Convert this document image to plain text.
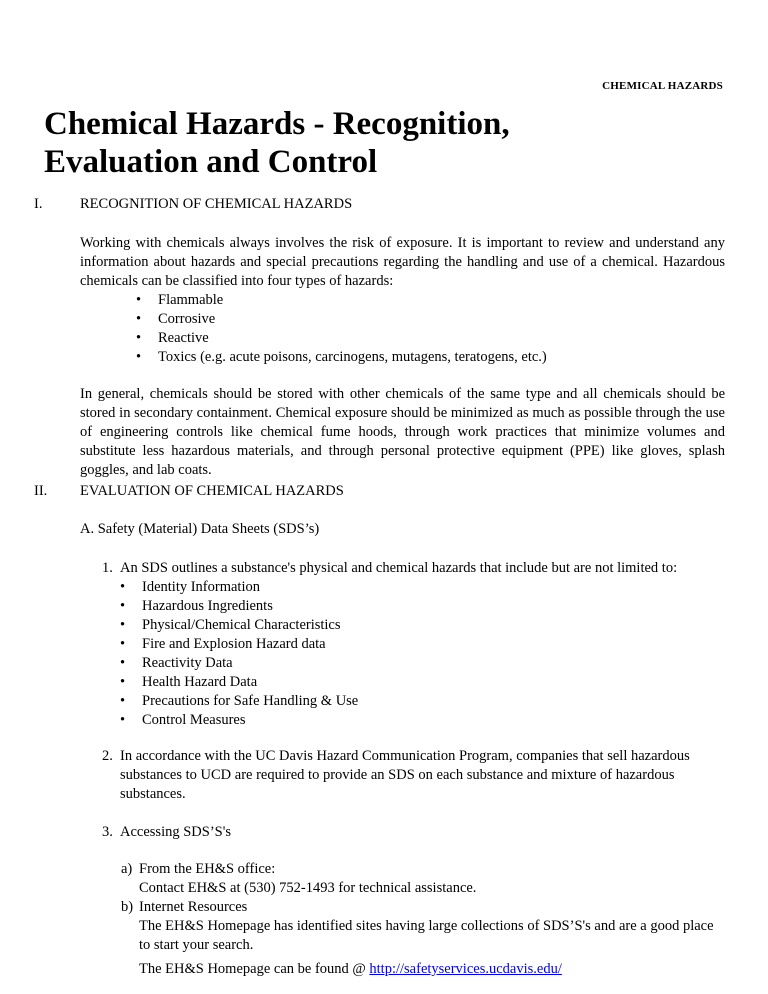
CHEMICAL HAZARDS
Chemical Hazards - Recognition,
Evaluation and Control
I.	RECOGNITION OF CHEMICAL HAZARDS

Working with chemicals always involves the risk of exposure. It is important to review and understand any information about hazards and special precautions regarding the handling and use of a chemical. Hazardous chemicals can be classified into four types of hazards:

• Flammable
• Corrosive
• Reactive
• Toxics (e.g. acute poisons, carcinogens, mutagens, teratogens, etc.)

In general, chemicals should be stored with other chemicals of the same type and all chemicals should be stored in secondary containment. Chemical exposure should be minimized as much as possible through the use of engineering controls like chemical fume hoods, through work practices that minimize volumes and substitute less hazardous materials, and through personal protective equipment (PPE) like gloves, splash goggles, and lab coats.

II. EVALUATION OF CHEMICAL HAZARDS
A. Safety (Material) Data Sheets (SDS’s)
1. An SDS outlines a substance's physical and chemical hazards that include but are not limited to:
• Identity Information
• Hazardous Ingredients
• Physical/Chemical Characteristics
• Fire and Explosion Hazard data
• Reactivity Data
• Health Hazard Data
• Precautions for Safe Handling & Use
• Control Measures
2. In accordance with the UC Davis Hazard Communication Program, companies that sell hazardous substances to UCD are required to provide an SDS on each substance and mixture of hazardous substances.
3. Accessing SDS’S's
a) From the EH&S office:
Contact EH&S at (530) 752-1493 for technical assistance.
b) Internet Resources
The EH&S Homepage has identified sites having large collections of SDS’S's and are a good place to start your search.
The EH&S Homepage can be found @ http://safetyservices.ucdavis.edu/
